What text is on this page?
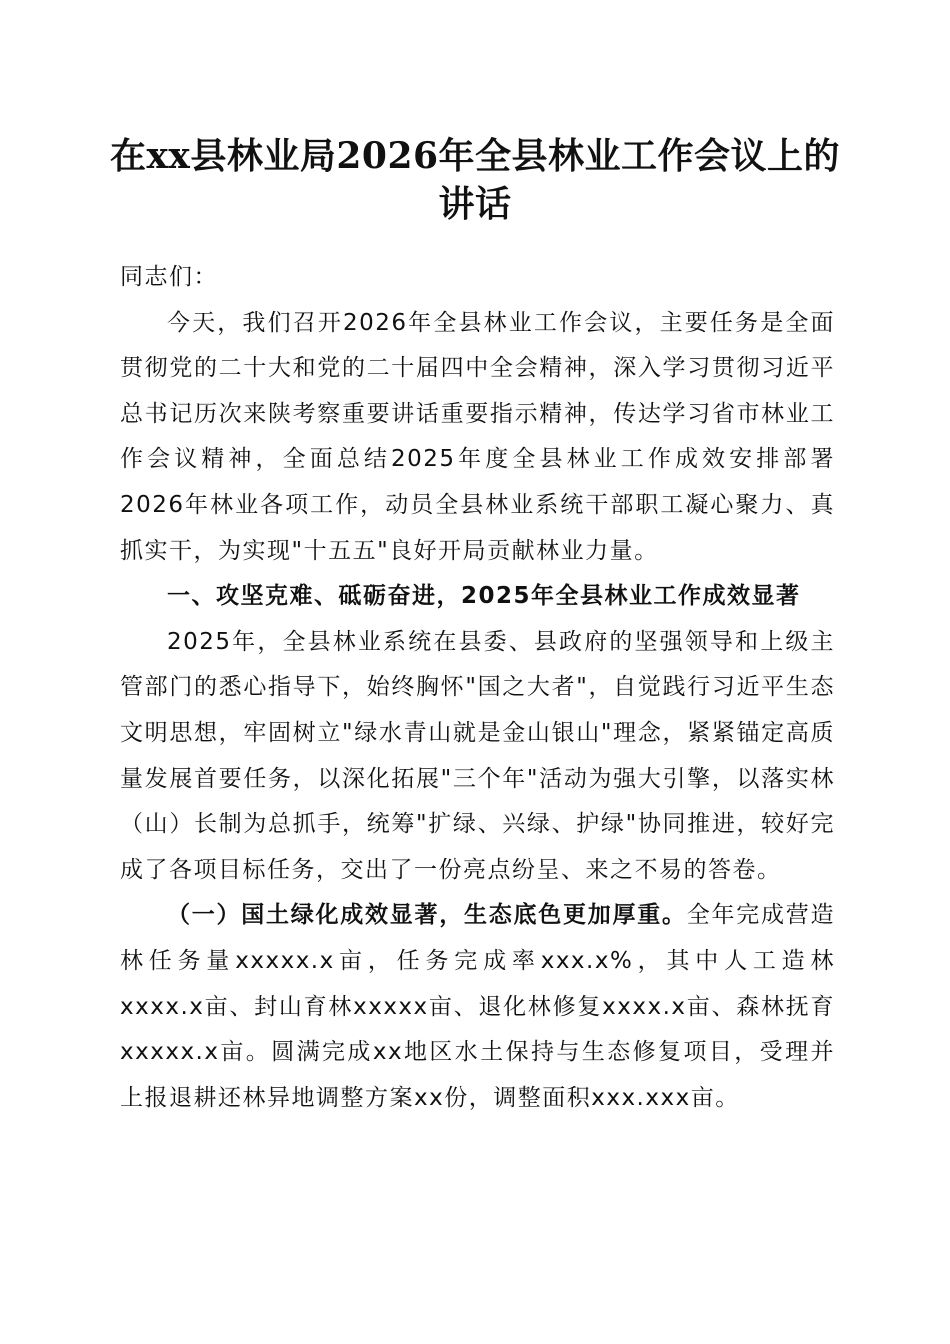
在xx县林业局2026年全县林业工作会议上的
讲话

同志们：

今天，我们召开2026年全县林业工作会议，主要任务是全面贯彻党的二十大和党的二十届四中全会精神，深入学习贯彻习近平总书记历次来陕考察重要讲话重要指示精神，传达学习省市林业工作会议精神，全面总结2025年度全县林业工作成效安排部署2026年林业各项工作，动员全县林业系统干部职工凝心聚力、真抓实干，为实现"十五五"良好开局贡献林业力量。

一、攻坚克难、砥砺奋进，2025年全县林业工作成效显著

2025年，全县林业系统在县委、县政府的坚强领导和上级主管部门的悉心指导下，始终胸怀"国之大者"，自觉践行习近平生态文明思想，牢固树立"绿水青山就是金山银山"理念，紧紧锚定高质量发展首要任务，以深化拓展"三个年"活动为强大引擎，以落实林（山）长制为总抓手，统筹"扩绿、兴绿、护绿"协同推进，较好完成了各项目标任务，交出了一份亮点纷呈、来之不易的答卷。

（一）国土绿化成效显著，生态底色更加厚重。全年完成营造林任务量xxxxx.x亩，任务完成率xxx.x%，其中人工造林xxxx.x亩、封山育林xxxxx亩、退化林修复xxxx.x亩、森林抚育xxxxx.x亩。圆满完成xx地区水土保持与生态修复项目，受理并上报退耕还林异地调整方案xx份，调整面积xxx.xxx亩。
